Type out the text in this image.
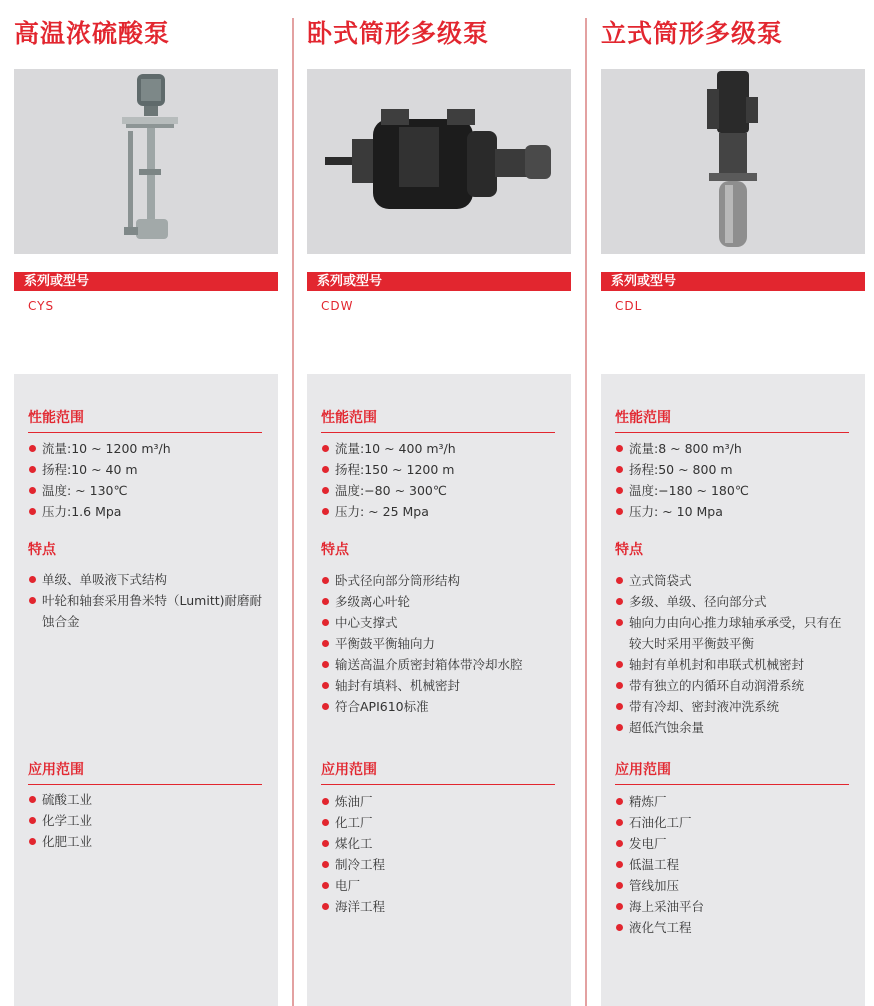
高温浓硫酸泵
系列或型号
CYS
性能范围
流量:10 ~ 1200 m³/h
扬程:10 ~ 40 m
温度: ~ 130℃
压力:1.6 Mpa
特点
单级、单吸液下式结构
叶轮和轴套采用鲁米特（Lumitt)耐磨耐蚀合金
应用范围
硫酸工业
化学工业
化肥工业
卧式筒形多级泵
系列或型号
CDW
性能范围
流量:10 ~ 400 m³/h
扬程:150 ~ 1200 m
温度:−80 ~ 300℃
压力: ~ 25 Mpa
特点
卧式径向部分筒形结构
多级离心叶轮
中心支撑式
平衡鼓平衡轴向力
输送高温介质密封箱体带冷却水腔
轴封有填料、机械密封
符合API610标准
应用范围
炼油厂
化工厂
煤化工
制冷工程
电厂
海洋工程
立式筒形多级泵
系列或型号
CDL
性能范围
流量:8 ~ 800 m³/h
扬程:50 ~ 800 m
温度:−180 ~ 180℃
压力: ~ 10 Mpa
特点
立式筒袋式
多级、单级、径向部分式
轴向力由向心推力球轴承承受，只有在较大时采用平衡鼓平衡
轴封有单机封和串联式机械密封
带有独立的内循环自动润滑系统
带有冷却、密封液冲洗系统
超低汽蚀余量
应用范围
精炼厂
石油化工厂
发电厂
低温工程
管线加压
海上采油平台
液化气工程
